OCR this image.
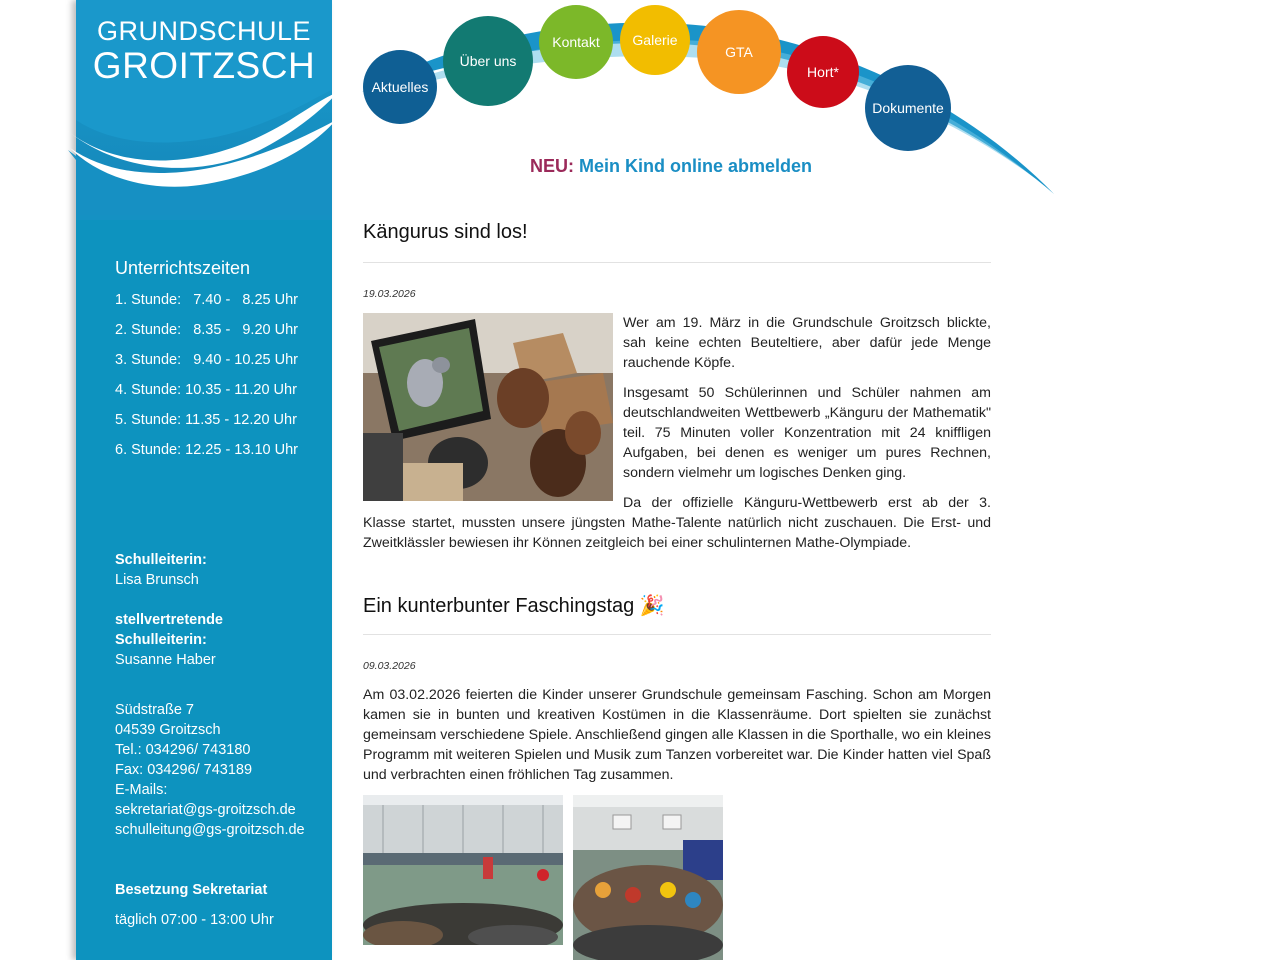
GRUNDSCHULE
GROITZSCH
Unterrichtszeiten
1. Stunde:   7.40 -   8.25 Uhr
2. Stunde:   8.35 -   9.20 Uhr
3. Stunde:   9.40 - 10.25 Uhr
4. Stunde: 10.35 - 11.20 Uhr
5. Stunde: 11.35 - 12.20 Uhr
6. Stunde: 12.25 - 13.10 Uhr
Schulleiterin:
Lisa Brunsch
stellvertretende
Schulleiterin:
Susanne Haber
Südstraße 7
04539 Groitzsch
Tel.: 034296/ 743180
Fax: 034296/ 743189
E-Mails:
sekretariat@gs-groitzsch.de
schulleitung@gs-groitzsch.de
Besetzung Sekretariat
täglich 07:00 - 13:00 Uhr
Aktuelles
Über uns
Kontakt Galerie
GTA
Hort*
Dokumente
NEU: Mein Kind online abmelden
Kängurus sind los!
19.03.2026

Wer am 19. März in die Grundschule Groitzsch blickte, sah keine echten Beuteltiere, aber dafür jede Menge rauchende Köpfe.

Insgesamt 50 Schülerinnen und Schüler nahmen am deutschlandweiten Wettbewerb „Känguru der Mathematik" teil. 75 Minuten voller Konzentration mit 24 kniffligen Aufgaben, bei denen es weniger um pures Rechnen, sondern vielmehr um logisches Denken ging.

Da der offizielle Känguru-Wettbewerb erst ab der 3. Klasse startet, mussten unsere jüngsten Mathe-Talente natürlich nicht zuschauen. Die Erst- und Zweitklässler bewiesen ihr Können zeitgleich bei einer schulinternen Mathe-Olympiade.

Ein kunterbunter Faschingstag 🎉
09.03.2026

Am 03.02.2026 feierten die Kinder unserer Grundschule gemeinsam Fasching. Schon am Morgen kamen sie in bunten und kreativen Kostümen in die Klassenräume. Dort spielten sie zunächst gemeinsam verschiedene Spiele. Anschließend gingen alle Klassen in die Sporthalle, wo ein kleines Programm mit weiteren Spielen und Musik zum Tanzen vorbereitet war. Die Kinder hatten viel Spaß und verbrachten einen fröhlichen Tag zusammen.
